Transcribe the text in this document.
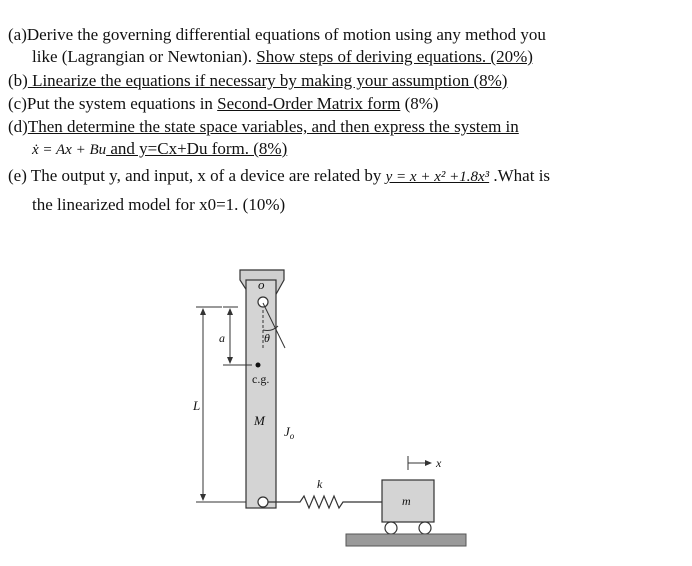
(a)Derive the governing differential equations of motion using any method you
like (Lagrangian or Newtonian). Show steps of deriving equations. (20%)
(b) Linearize the equations if necessary by making your assumption (8%)
(c)Put the system equations in Second-Order Matrix form (8%)
(d)Then determine the state space variables, and then express the system in
ẋ = Ax + Bu and y=Cx+Du form. (8%)
(e) The output y, and input, x of a device are related by y = x + x² +1.8x³ .What is
the linearized model for x0=1. (10%)
o
θ
c.g.
M
$J_o$
a
L
k
m
x
